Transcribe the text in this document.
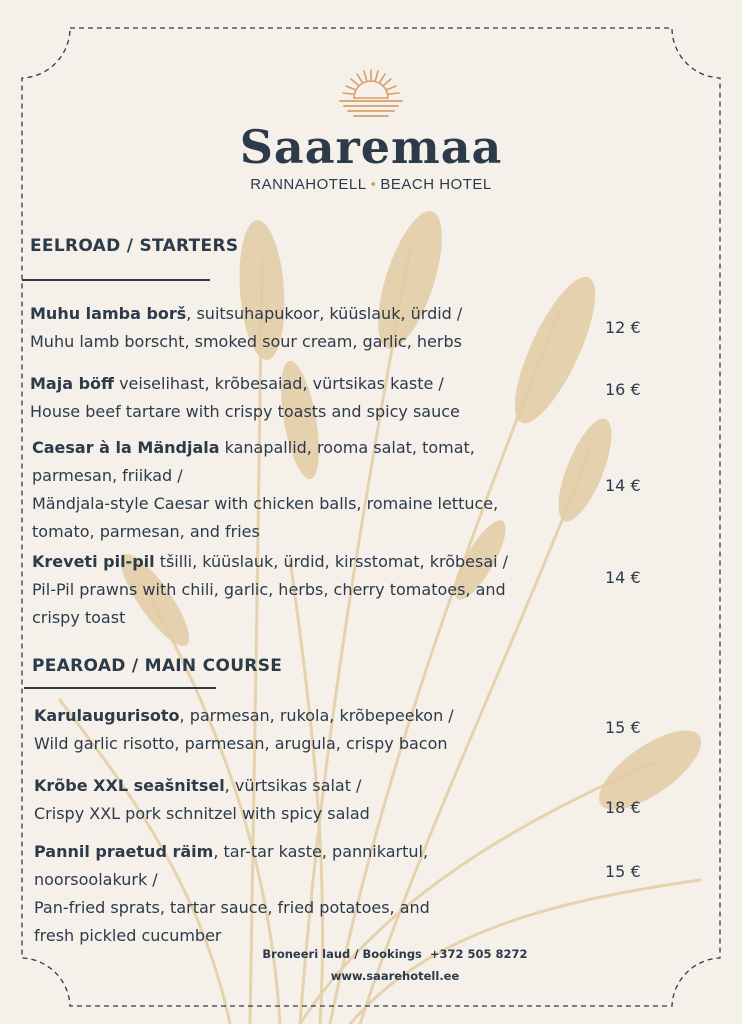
Saaremaa
RANNAHOTELL • BEACH HOTEL
EELROAD / STARTERS
Muhu lamba borš, suitsuhapukoor, küüslauk, ürdid /
Muhu lamb borscht, smoked sour cream, garlic, herbs
12 €
Maja böff veiselihast, krõbesaiad, vürtsikas kaste /
House beef tartare with crispy toasts and spicy sauce
16 €
Caesar à la Mändjala kanapallid, rooma salat, tomat,
parmesan, friikad /
Mändjala-style Caesar with chicken balls, romaine lettuce,
tomato, parmesan, and fries
14 €
Kreveti pil-pil tšilli, küüslauk, ürdid, kirsstomat, krõbesai /
Pil-Pil prawns with chili, garlic, herbs, cherry tomatoes, and
crispy toast
14 €
PEAROAD / MAIN COURSE
Karulaugurisoto, parmesan, rukola, krõbepeekon /
Wild garlic risotto, parmesan, arugula, crispy bacon
15 €
Krõbe XXL seašnitsel, vürtsikas salat /
Crispy XXL pork schnitzel with spicy salad	18 €
Pannil praetud räim, tar-tar kaste, pannikartul,
noorsoolakurk /
Pan-fried sprats, tartar sauce, fried potatoes, and
fresh pickled cucumber
15 €
Broneeri laud / Bookings  +372 505 8272
www.saarehotell.ee
